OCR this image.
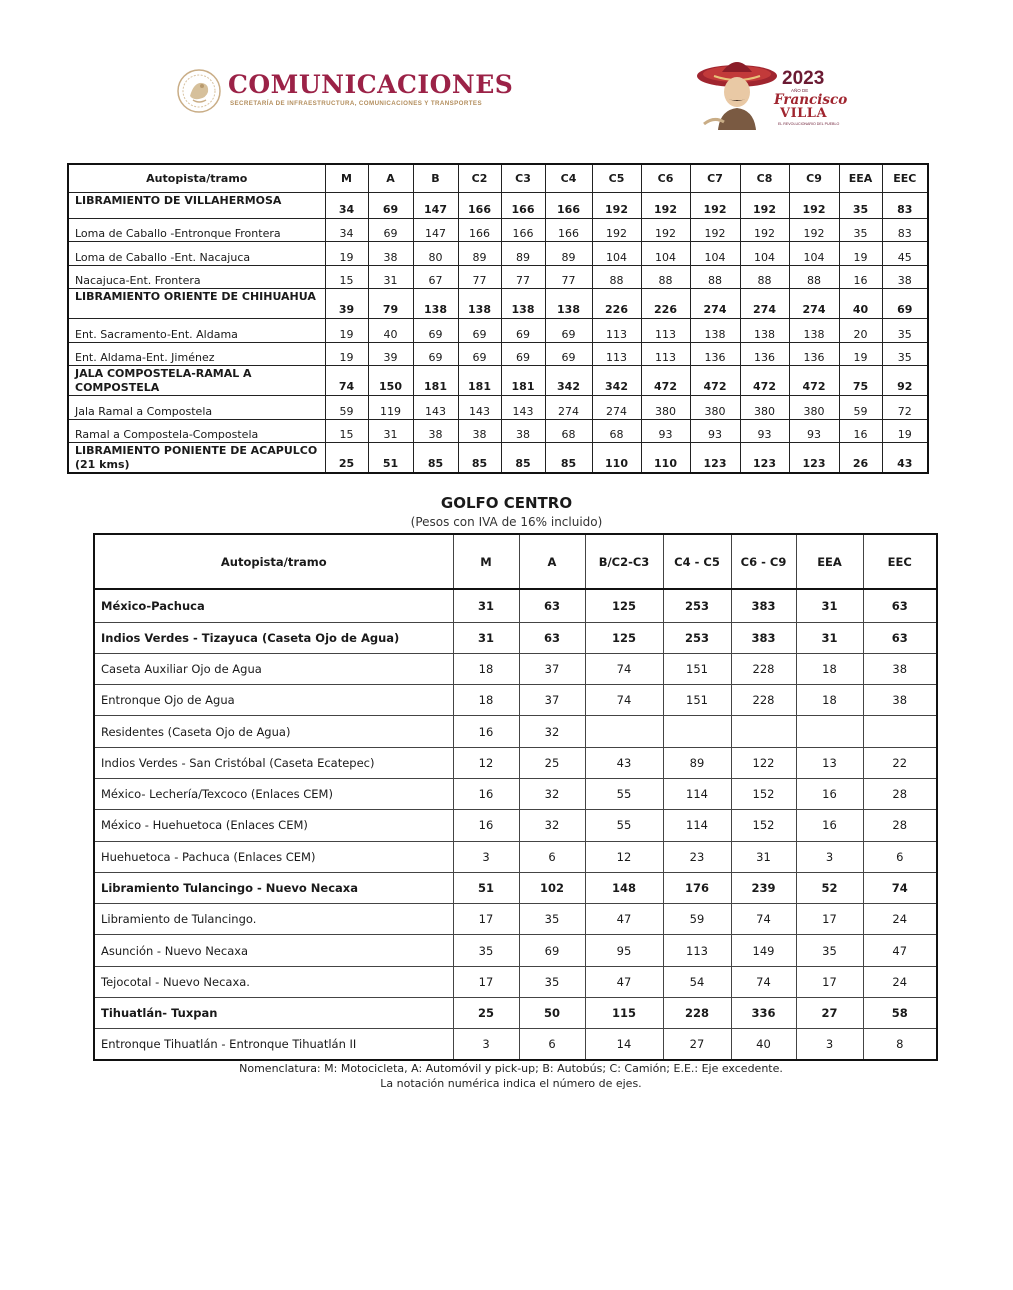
COMUNICACIONES
SECRETARÍA DE INFRAESTRUCTURA, COMUNICACIONES Y TRANSPORTES
2023
AÑO DE
Francisco
VILLA
EL REVOLUCIONARIO DEL PUEBLO
Autopista/tramo	M	A	B	C2	C3	C4	C5	C6	C7	C8	C9	EEA	EEC
LIBRAMIENTO DE VILLAHERMOSA	34	69	147	166	166	166	192	192	192	192	192	35	83
Loma de Caballo -Entronque Frontera	34	69	147	166	166	166	192	192	192	192	192	35	83
Loma de Caballo -Ent. Nacajuca	19	38	80	89	89	89	104	104	104	104	104	19	45
Nacajuca-Ent. Frontera	15	31	67	77	77	77	88	88	88	88	88	16	38
LIBRAMIENTO ORIENTE DE CHIHUAHUA	39	79	138	138	138	138	226	226	274	274	274	40	69
Ent. Sacramento-Ent. Aldama	19	40	69	69	69	69	113	113	138	138	138	20	35
Ent. Aldama-Ent. Jiménez	19	39	69	69	69	69	113	113	136	136	136	19	35
JALA COMPOSTELA-RAMAL A COMPOSTELA	74	150	181	181	181	342	342	472	472	472	472	75	92
Jala Ramal a Compostela	59	119	143	143	143	274	274	380	380	380	380	59	72
Ramal a Compostela-Compostela	15	31	38	38	38	68	68	93	93	93	93	16	19
LIBRAMIENTO PONIENTE DE ACAPULCO (21 kms)	25	51	85	85	85	85	110	110	123	123	123	26	43
GOLFO CENTRO
(Pesos con IVA de 16% incluido)
Autopista/tramo	M	A	B/C2-C3	C4 - C5	C6 - C9	EEA	EEC
México-Pachuca	31	63	125	253	383	31	63
Indios Verdes - Tizayuca (Caseta Ojo de Agua)	31	63	125	253	383	31	63
Caseta Auxiliar Ojo de Agua	18	37	74	151	228	18	38
Entronque Ojo de Agua	18	37	74	151	228	18	38
Residentes (Caseta Ojo de Agua)	16	32					
Indios Verdes - San Cristóbal (Caseta Ecatepec)	12	25	43	89	122	13	22
México- Lechería/Texcoco (Enlaces CEM)	16	32	55	114	152	16	28
México - Huehuetoca (Enlaces CEM)	16	32	55	114	152	16	28
Huehuetoca - Pachuca (Enlaces CEM)	3	6	12	23	31	3	6
Libramiento Tulancingo - Nuevo Necaxa	51	102	148	176	239	52	74
Libramiento de Tulancingo.	17	35	47	59	74	17	24
Asunción - Nuevo Necaxa	35	69	95	113	149	35	47
Tejocotal - Nuevo Necaxa.	17	35	47	54	74	17	24
Tihuatlán- Tuxpan	25	50	115	228	336	27	58
Entronque Tihuatlán - Entronque Tihuatlán II	3	6	14	27	40	3	8
Nomenclatura: M: Motocicleta, A: Automóvil y pick-up; B: Autobús; C: Camión; E.E.: Eje excedente.
La notación numérica indica el número de ejes.
